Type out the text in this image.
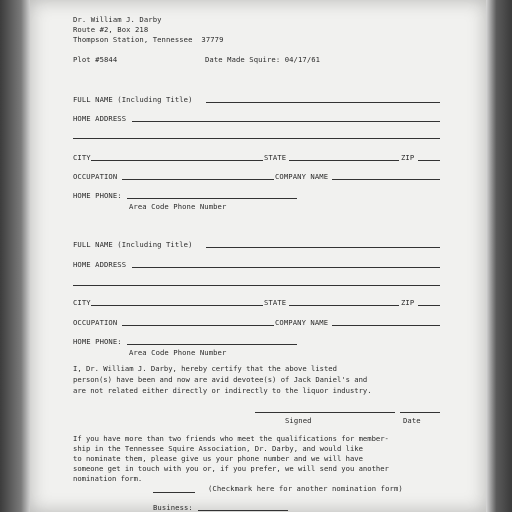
Dr. William J. Darby
Route #2, Box 218
Thompson Station, Tennessee  37779
Plot #5844	Date Made Squire: 04/17/61
FULL NAME (Including Title)
HOME ADDRESS
CITY	STATE	ZIP
OCCUPATION	COMPANY NAME
HOME PHONE:
Area Code Phone Number
FULL NAME (Including Title)
HOME ADDRESS
CITY	STATE	ZIP
OCCUPATION	COMPANY NAME
HOME PHONE:
Area Code Phone Number
I, Dr. William J. Darby, hereby certify that the above listed
person(s) have been and now are avid devotee(s) of Jack Daniel's and
are not related either directly or indirectly to the liquor industry.
Signed	Date
If you have more than two friends who meet the qualifications for member-
ship in the Tennessee Squire Association, Dr. Darby, and would like
to nominate them, please give us your phone number and we will have
someone get in touch with you or, if you prefer, we will send you another
nomination form.
(Checkmark here for another nomination form)
Business:
